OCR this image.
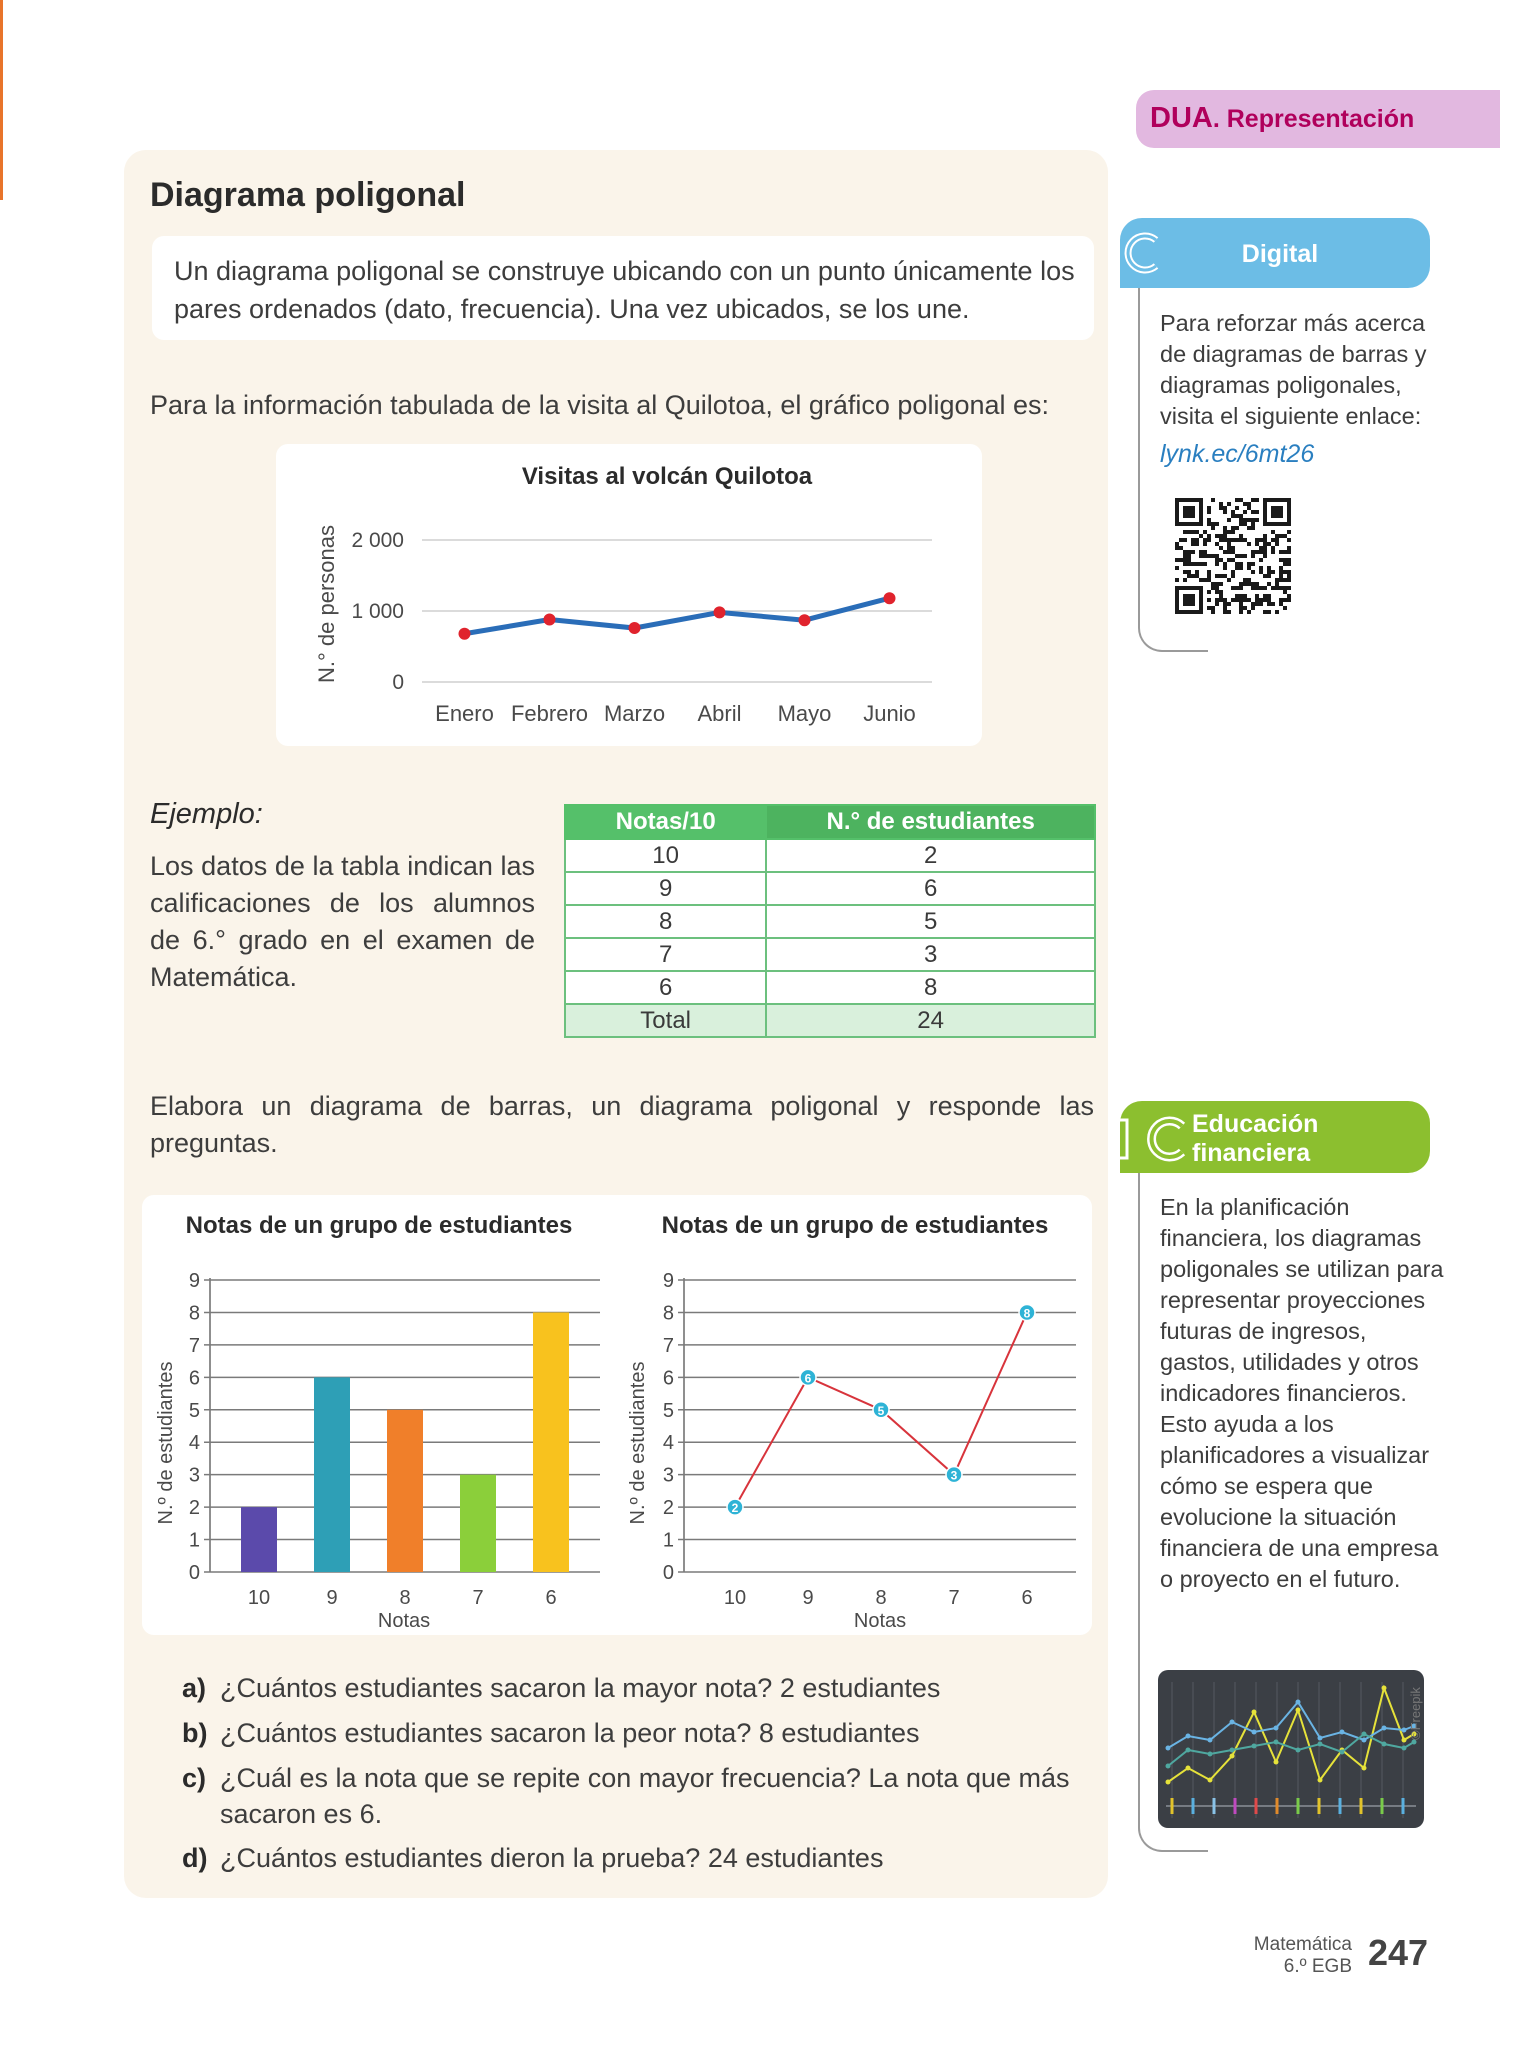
DUA. Representación
Diagrama poligonal
Un diagrama poligonal se construye ubicando con un punto únicamente los pares ordenados (dato, frecuencia). Una vez ubicados, se los une.
Para la información tabulada de la visita al Quilotoa, el gráfico poligonal es:
Visitas al volcán Quilotoa
N.° de personas	0
1 000
2 000
Enero Febrero Marzo Abril Mayo Junio
Ejemplo:
Los datos de la tabla indican las calificaciones de los alumnos de 6.° grado en el examen de Matemática.
Notas/10	N.° de estudiantes
10	2
9	6
8	5
7	3
6	8
Total	24
Elabora un diagrama de barras, un diagrama poligonal y responde las preguntas.
Notas de un grupo de estudiantes
N.º de estudiantes
Notas
0
1
2
3
4
5
6
7
8
9
10	9	8	7	6
Notas de un grupo de estudiantes
N.º de estudiantes
Notas
0
1
2
3
4
5
6
7
8
9
2
10
6
9
5
8
3
7
8
6
a) ¿Cuántos estudiantes sacaron la mayor nota? 2 estudiantes
b) ¿Cuántos estudiantes sacaron la peor nota? 8 estudiantes
c) ¿Cuál es la nota que se repite con mayor frecuencia? La nota que más sacaron es 6.
d) ¿Cuántos estudiantes dieron la prueba? 24 estudiantes
Digital
Para reforzar más acerca de diagramas de barras y diagramas poligonales, visita el siguiente enlace:
lynk.ec/6mt26
Educación
financiera
En la planificación financiera, los diagramas poligonales se utilizan para representar proyecciones futuras de ingresos, gastos, utilidades y otros indicadores financieros. Esto ayuda a los planificadores a visualizar cómo se espera que evolucione la situación financiera de una empresa o proyecto en el futuro.
©Freepik
Matemática
6.º EGB 247
